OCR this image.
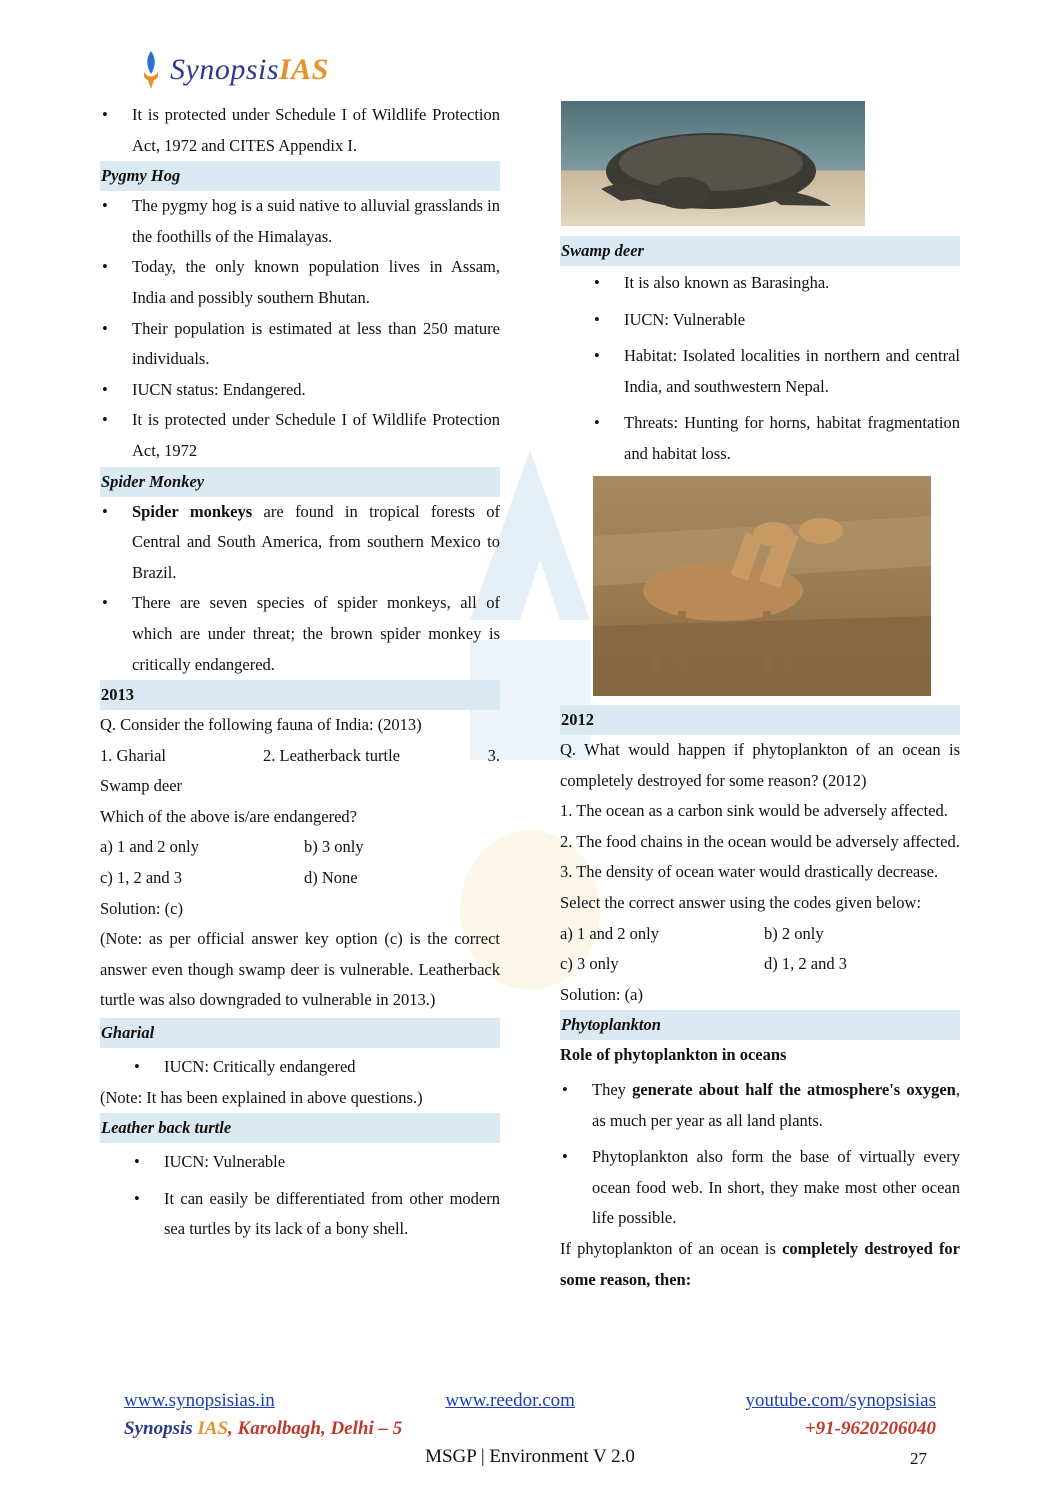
SynopsisIAS
• It is protected under Schedule I of Wildlife Protection Act, 1972 and CITES Appendix I.
Pygmy Hog
• The pygmy hog is a suid native to alluvial grasslands in the foothills of the Himalayas.
• Today, the only known population lives in Assam, India and possibly southern Bhutan.
• Their population is estimated at less than 250 mature individuals.
• IUCN status: Endangered.
• It is protected under Schedule I of Wildlife Protection Act, 1972
Spider Monkey
• Spider monkeys are found in tropical forests of Central and South America, from southern Mexico to Brazil.
• There are seven species of spider monkeys, all of which are under threat; the brown spider monkey is critically endangered.
2013

Q. Consider the following fauna of India: (2013)

1. Gharial	2. Leatherback turtle	3.

Swamp deer

Which of the above is/are endangered?

a) 1 and 2 only	b) 3 only
c) 1, 2 and 3	d) None

Solution: (c)

(Note: as per official answer key option (c) is the correct answer even though swamp deer is vulnerable. Leatherback turtle was also downgraded to vulnerable in 2013.)

Gharial
• IUCN: Critically endangered

(Note: It has been explained in above questions.)

Leather back turtle
• IUCN: Vulnerable
• It can easily be differentiated from other modern sea turtles by its lack of a bony shell.
Swamp deer
• It is also known as Barasingha.
• IUCN: Vulnerable
• Habitat: Isolated localities in northern and central India, and southwestern Nepal.
• Threats: Hunting for horns, habitat fragmentation and habitat loss.
2012

Q. What would happen if phytoplankton of an ocean is completely destroyed for some reason? (2012)

1. The ocean as a carbon sink would be adversely affected.

2. The food chains in the ocean would be adversely affected.

3. The density of ocean water would drastically decrease.

Select the correct answer using the codes given below:

a) 1 and 2 only	b) 2 only
c) 3 only	d) 1, 2 and 3

Solution: (a)

Phytoplankton

Role of phytoplankton in oceans

• They generate about half the atmosphere's oxygen, as much per year as all land plants.
• Phytoplankton also form the base of virtually every ocean food web. In short, they make most other ocean life possible.

If phytoplankton of an ocean is completely destroyed for some reason, then:

www.synopsisias.in	www.reedor.com	youtube.com/synopsisias
Synopsis IAS, Karolbagh, Delhi – 5	+91-9620206040
MSGP | Environment V 2.0	27
